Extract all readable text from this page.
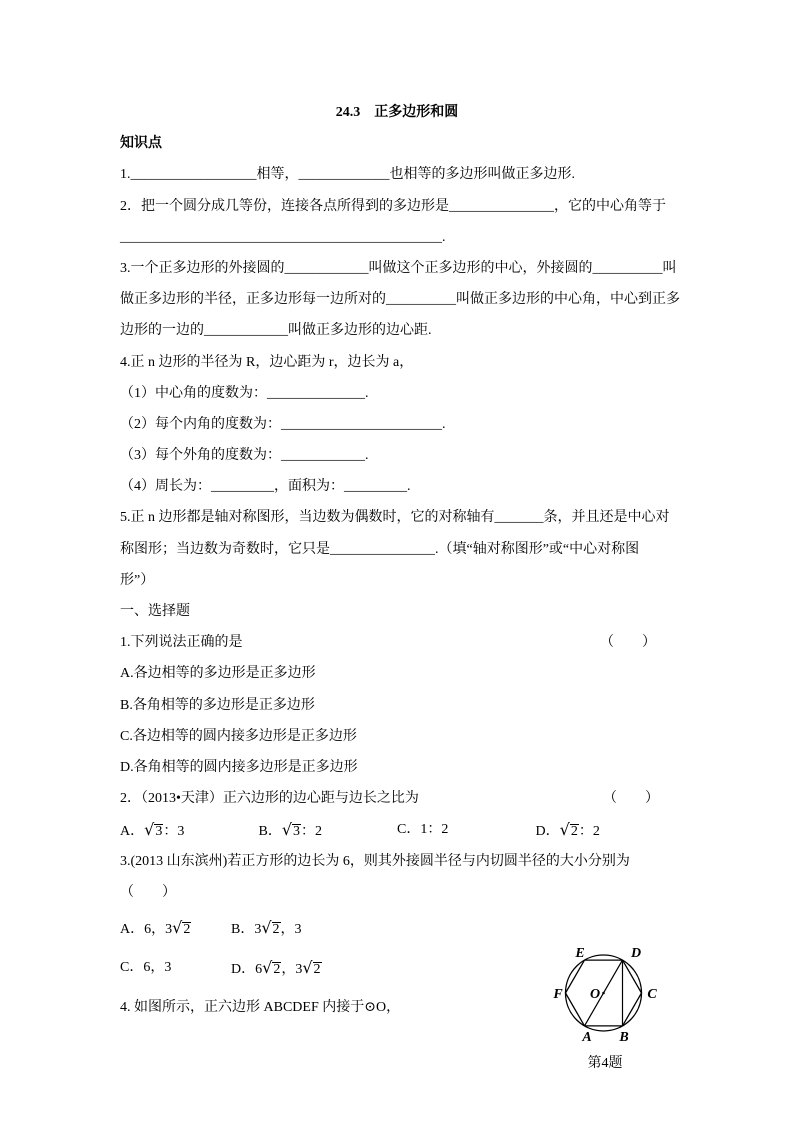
24.3　正多边形和圆
知识点
1.__________________相等，_____________也相等的多边形叫做正多边形.
2．把一个圆分成几等份，连接各点所得到的多边形是_______________，它的中心角等于
______________________________________________.
3.一个正多边形的外接圆的____________叫做这个正多边形的中心，外接圆的__________叫
做正多边形的半径，正多边形每一边所对的__________叫做正多边形的中心角，中心到正多
边形的一边的____________叫做正多边形的边心距.
4.正 n 边形的半径为 R，边心距为 r，边长为 a，
（1）中心角的度数为：______________.
（2）每个内角的度数为：_______________________.
（3）每个外角的度数为：____________.
（4）周长为：_________，面积为：_________.
5.正 n 边形都是轴对称图形，当边数为偶数时，它的对称轴有_______条，并且还是中心对
称图形；当边数为奇数时，它只是_______________.（填“轴对称图形”或“中心对称图
形”）
一、选择题
1.下列说法正确的是	（　　）
A.各边相等的多边形是正多边形
B.各角相等的多边形是正多边形
C.各边相等的圆内接多边形是正多边形
D.各角相等的圆内接多边形是正多边形
2．（2013•天津）正六边形的边心距与边长之比为	（　　）
A．√3：3	B．√3：2	C．1：2	D．√2：2
3.(2013 山东滨州)若正方形的边长为 6，则其外接圆半径与内切圆半径的大小分别为
（　　）
A．6，3√2	B．3√2，3
C．6，3	D．6√2，3√2
4. 如图所示，正六边形 ABCDEF 内接于⊙O，
E	D
F O	C
A B
第4题
